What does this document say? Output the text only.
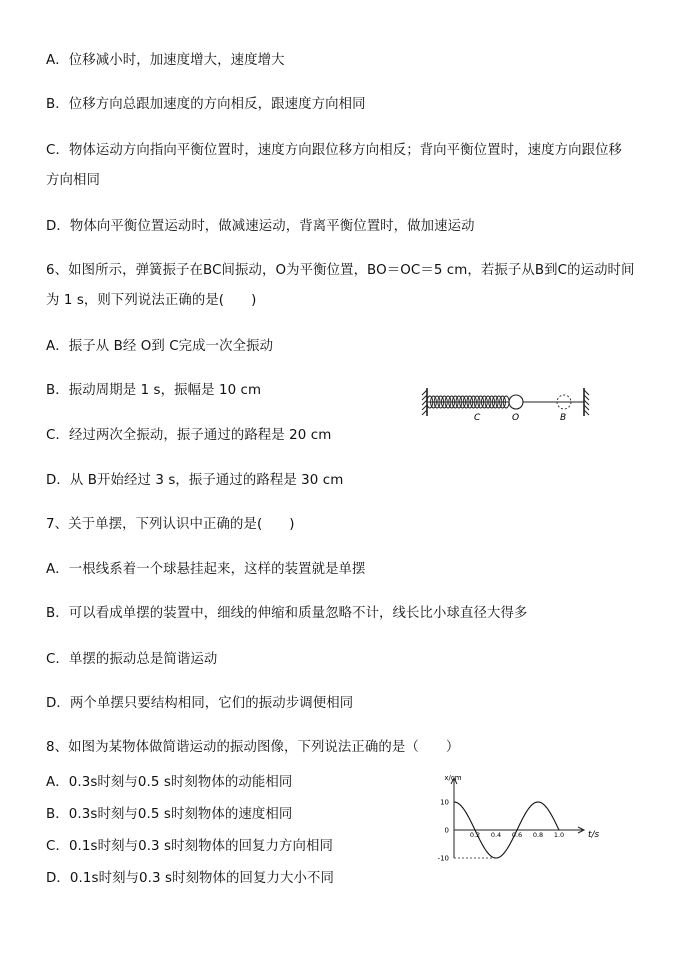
A．位移减小时，加速度增大，速度增大
B．位移方向总跟加速度的方向相反，跟速度方向相同
C．物体运动方向指向平衡位置时，速度方向跟位移方向相反；背向平衡位置时，速度方向跟位移
方向相同
D．物体向平衡位置运动时，做减速运动，背离平衡位置时，做加速运动
6、如图所示，弹簧振子在BC间振动，O为平衡位置，BO＝OC＝5 cm，若振子从B到C的运动时间
为 1 s，则下列说法正确的是(　　)
A．振子从 B经 O到 C完成一次全振动
B．振动周期是 1 s，振幅是 10 cm
C．经过两次全振动，振子通过的路程是 20 cm
D．从 B开始经过 3 s，振子通过的路程是 30 cm
C	O	B
7、关于单摆，下列认识中正确的是(　　)
A．一根线系着一个球悬挂起来，这样的装置就是单摆
B．可以看成单摆的装置中，细线的伸缩和质量忽略不计，线长比小球直径大得多
C．单摆的振动总是简谐运动
D．两个单摆只要结构相同，它们的振动步调便相同
8、如图为某物体做简谐运动的振动图像，下列说法正确的是（　　）
A．0.3s时刻与0.5 s时刻物体的动能相同
B．0.3s时刻与0.5 s时刻物体的速度相同
C．0.1s时刻与0.3 s时刻物体的回复力方向相同
D．0.1s时刻与0.3 s时刻物体的回复力大小不同
x/cm
t/s
0.2 0.4 0.6 0.8 1.0
10
0
-10
